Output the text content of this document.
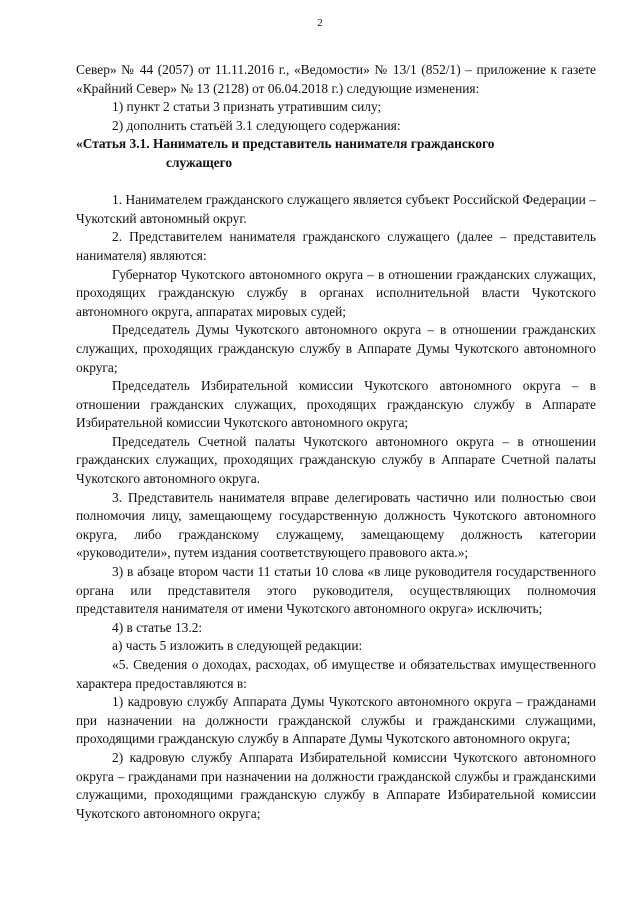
2

Север» № 44 (2057) от 11.11.2016 г., «Ведомости» № 13/1 (852/1) – приложение к газете «Крайний Север» № 13 (2128) от 06.04.2018 г.) следующие изменения:

1) пункт 2 статьи 3 признать утратившим силу;

2) дополнить статьёй 3.1 следующего содержания:

«Статья 3.1. Наниматель и представитель нанимателя гражданского
служащего

1. Нанимателем гражданского служащего является субъект Российской Федерации – Чукотский автономный округ.

2. Представителем нанимателя гражданского служащего (далее – представитель нанимателя) являются:

Губернатор Чукотского автономного округа – в отношении гражданских служащих, проходящих гражданскую службу в органах исполнительной власти Чукотского автономного округа, аппаратах мировых судей;

Председатель Думы Чукотского автономного округа – в отношении гражданских служащих, проходящих гражданскую службу в Аппарате Думы Чукотского автономного округа;

Председатель Избирательной комиссии Чукотского автономного округа – в отношении гражданских служащих, проходящих гражданскую службу в Аппарате Избирательной комиссии Чукотского автономного округа;

Председатель Счетной палаты Чукотского автономного округа – в отношении гражданских служащих, проходящих гражданскую службу в Аппарате Счетной палаты Чукотского автономного округа.

3. Представитель нанимателя вправе делегировать частично или полностью свои полномочия лицу, замещающему государственную должность Чукотского автономного округа, либо гражданскому служащему, замещающему должность категории «руководители», путем издания соответствующего правового акта.»;

3) в абзаце втором части 11 статьи 10 слова «в лице руководителя государственного органа или представителя этого руководителя, осуществляющих полномочия представителя нанимателя от имени Чукотского автономного округа» исключить;

4) в статье 13.2:

а) часть 5 изложить в следующей редакции:

«5. Сведения о доходах, расходах, об имуществе и обязательствах имущественного характера предоставляются в:

1) кадровую службу Аппарата Думы Чукотского автономного округа – гражданами при назначении на должности гражданской службы и гражданскими служащими, проходящими гражданскую службу в Аппарате Думы Чукотского автономного округа;

2) кадровую службу Аппарата Избирательной комиссии Чукотского автономного округа – гражданами при назначении на должности гражданской службы и гражданскими служащими, проходящими гражданскую службу в Аппарате Избирательной комиссии Чукотского автономного округа;
